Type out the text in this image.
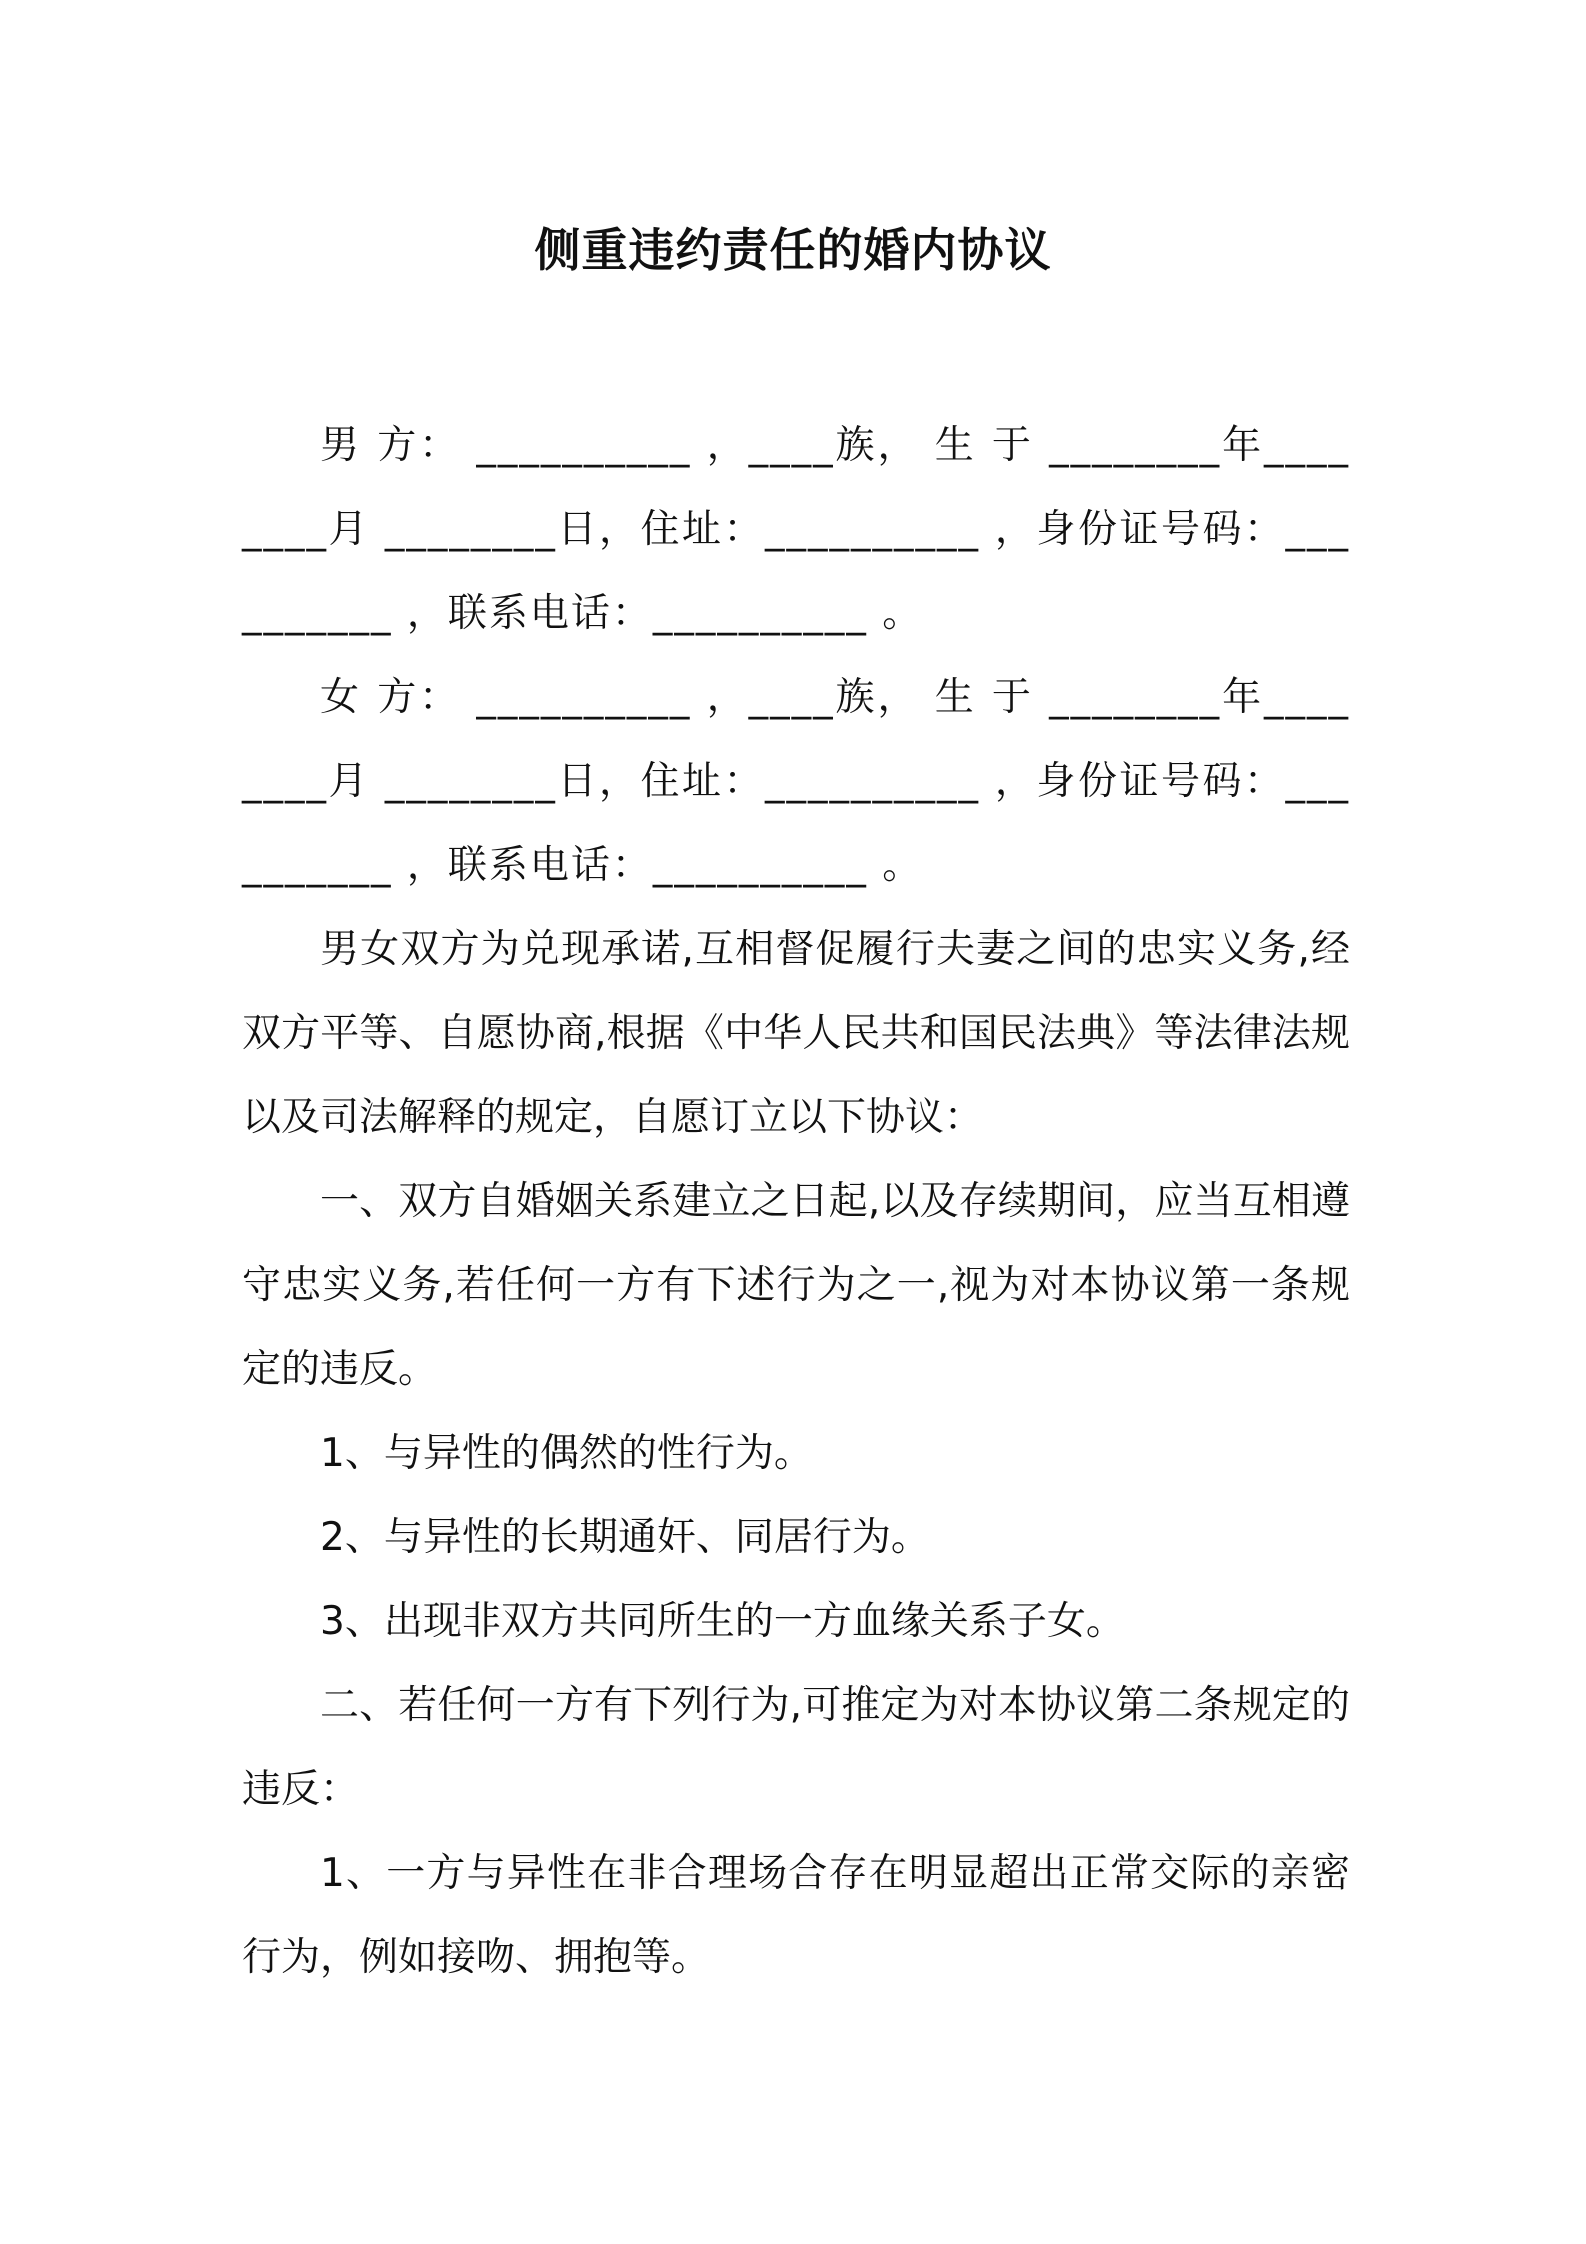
侧重违约责任的婚内协议

男 方： __________ ，____族， 生 于 ________年________月 ________日，住址：__________ ，身份证号码：__________ ，联系电话：__________ 。

女 方： __________ ，____族， 生 于 ________年________月 ________日，住址：__________ ，身份证号码：__________ ，联系电话：__________ 。

男女双方为兑现承诺,互相督促履行夫妻之间的忠实义务,经双方平等、自愿协商,根据《中华人民共和国民法典》等法律法规以及司法解释的规定，自愿订立以下协议：

一、双方自婚姻关系建立之日起,以及存续期间，应当互相遵守忠实义务,若任何一方有下述行为之一,视为对本协议第一条规定的违反。

1、与异性的偶然的性行为。

2、与异性的长期通奸、同居行为。

3、出现非双方共同所生的一方血缘关系子女。

二、若任何一方有下列行为,可推定为对本协议第二条规定的违反：

1、一方与异性在非合理场合存在明显超出正常交际的亲密行为，例如接吻、拥抱等。
